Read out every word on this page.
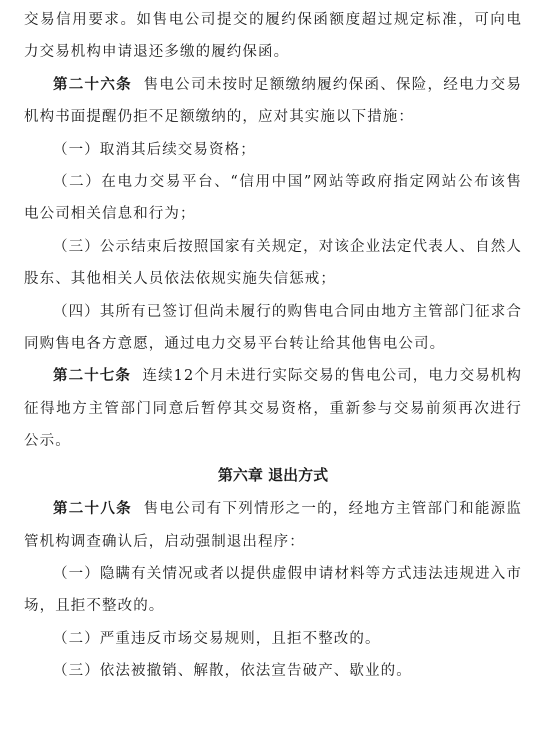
交易信用要求。如售电公司提交的履约保函额度超过规定标准，可向电力交易机构申请退还多缴的履约保函。

第二十六条 售电公司未按时足额缴纳履约保函、保险，经电力交易机构书面提醒仍拒不足额缴纳的，应对其实施以下措施：

（一）取消其后续交易资格；

（二）在电力交易平台、“信用中国”网站等政府指定网站公布该售电公司相关信息和行为；

（三）公示结束后按照国家有关规定，对该企业法定代表人、自然人股东、其他相关人员依法依规实施失信惩戒；

（四）其所有已签订但尚未履行的购售电合同由地方主管部门征求合同购售电各方意愿，通过电力交易平台转让给其他售电公司。

第二十七条 连续12个月未进行实际交易的售电公司，电力交易机构征得地方主管部门同意后暂停其交易资格，重新参与交易前须再次进行公示。

第六章 退出方式

第二十八条 售电公司有下列情形之一的，经地方主管部门和能源监管机构调查确认后，启动强制退出程序：

（一）隐瞒有关情况或者以提供虚假申请材料等方式违法违规进入市场，且拒不整改的。

（二）严重违反市场交易规则，且拒不整改的。

（三）依法被撤销、解散，依法宣告破产、歇业的。
